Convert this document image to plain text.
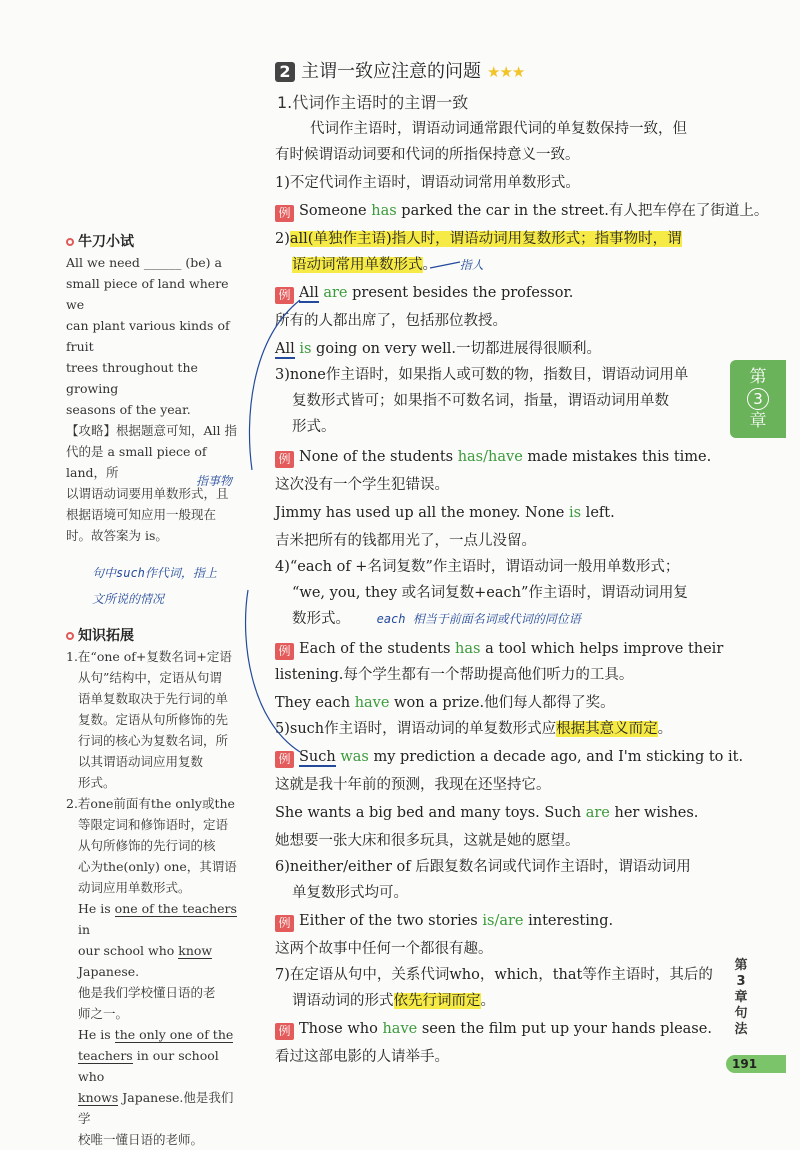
2 主谓一致应注意的问题 ★★★
1.代词作主语时的主谓一致
代词作主语时，谓语动词通常跟代词的单复数保持一致，但
有时候谓语动词要和代词的所指保持意义一致。
1)不定代词作主语时，谓语动词常用单数形式。
例 Someone has parked the car in the street.有人把车停在了街道上。
2)all(单独作主语)指人时，谓语动词用复数形式；指事物时，谓
语动词常用单数形式。 指人
例 All are present besides the professor.
所有的人都出席了，包括那位教授。
All is going on very well.一切都进展得很顺利。
3)none作主语时，如果指人或可数的物，指数目，谓语动词用单
复数形式皆可；如果指不可数名词，指量，谓语动词用单数
形式。
例 None of the students has/have made mistakes this time.
这次没有一个学生犯错误。
Jimmy has used up all the money. None is left.
吉米把所有的钱都用光了，一点儿没留。
4)“each of +名词复数”作主语时，谓语动词一般用单数形式；
“we, you, they 或名词复数+each”作主语时，谓语动词用复
数形式。 each 相当于前面名词或代词的同位语
例 Each of the students has a tool which helps improve their
listening.每个学生都有一个帮助提高他们听力的工具。
They each have won a prize.他们每人都得了奖。
5)such作主语时，谓语动词的单复数形式应根据其意义而定。
例 Such was my prediction a decade ago, and I'm sticking to it.
这就是我十年前的预测，我现在还坚持它。
She wants a big bed and many toys. Such are her wishes.
她想要一张大床和很多玩具，这就是她的愿望。
6)neither/either of 后跟复数名词或代词作主语时，谓语动词用
单复数形式均可。
例 Either of the two stories is/are interesting.
这两个故事中任何一个都很有趣。
7)在定语从句中，关系代词who，which，that等作主语时，其后的
谓语动词的形式依先行词而定。
例 Those who have seen the film put up your hands please.
看过这部电影的人请举手。
牛刀小试
All we need ______ (be) a
small piece of land where we
can plant various kinds of fruit
trees throughout the growing
seasons of the year.
【攻略】根据题意可知，All 指
代的是 a small piece of land，所
以谓语动词要用单数形式，且
根据语境可知应用一般现在
时。故答案为 is。
指事物
句中such作代词，指上
文所说的情况
知识拓展
1.在“one of+复数名词+定语
从句”结构中，定语从句谓
语单复数取决于先行词的单
复数。定语从句所修饰的先
行词的核心为复数名词，所
以其谓语动词应用复数
形式。
2.若one前面有the only或the
等限定词和修饰语时，定语
从句所修饰的先行词的核
心为the(only) one，其谓语
动词应用单数形式。
He is one of the teachers in
our school who know Japanese.
他是我们学校懂日语的老
师之一。
He is the only one of the
teachers in our school who
knows Japanese.他是我们学
校唯一懂日语的老师。
第
3
章
第3章句法
191
